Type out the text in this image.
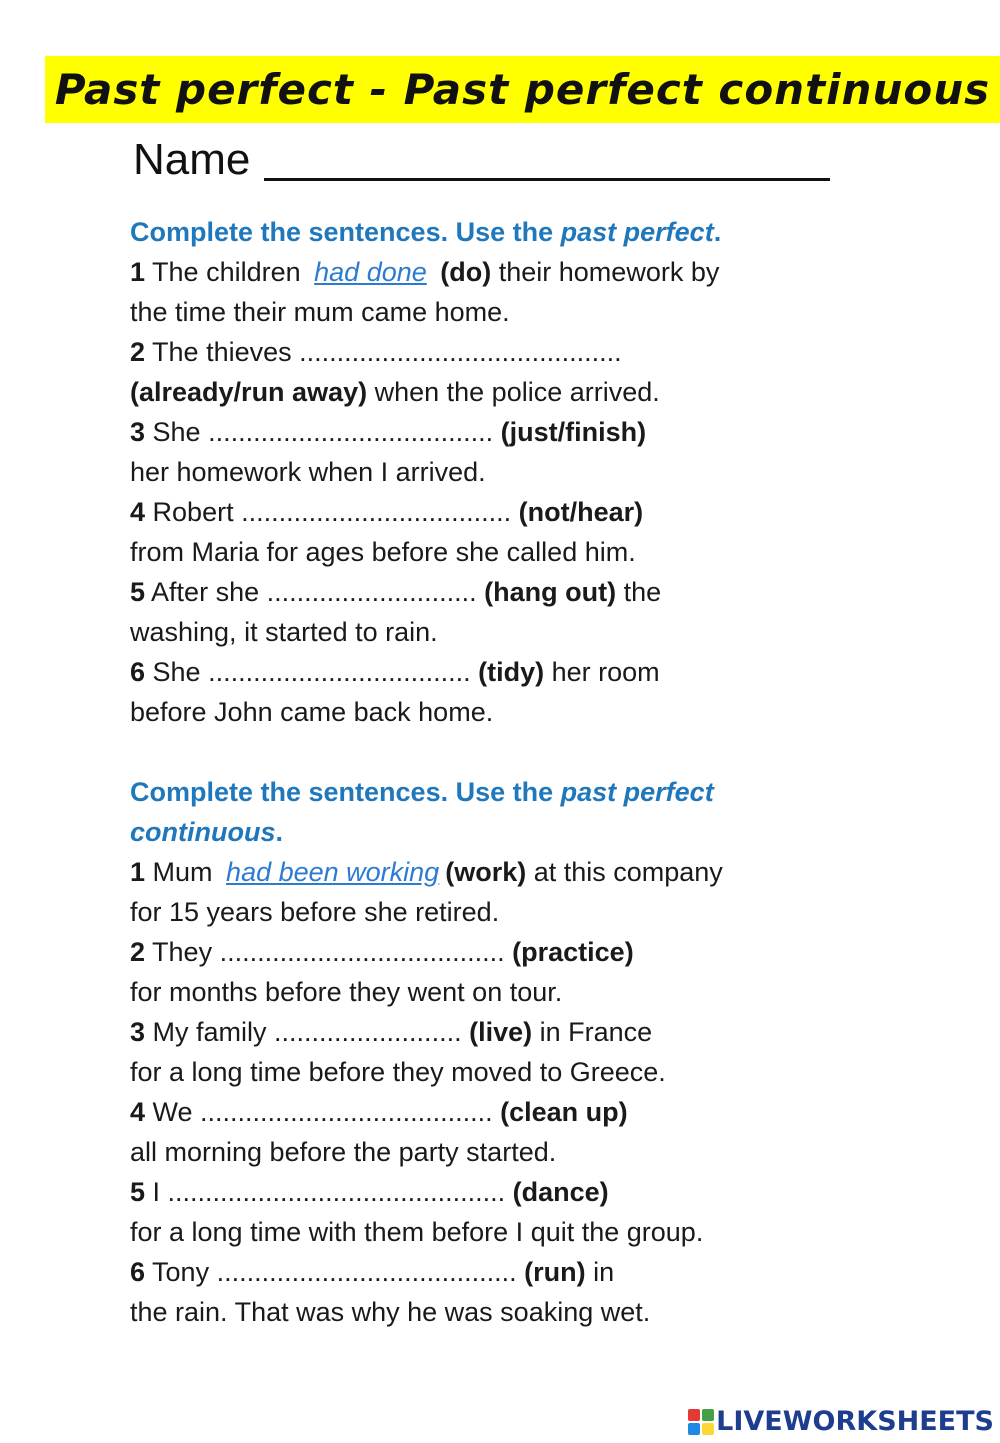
Past perfect - Past perfect continuous
Name
Complete the sentences. Use the past perfect.
1 The children had done (do) their homework by
the time their mum came home.
2 The thieves ...........................................
(already/run away) when the police arrived.
3 She ...................................... (just/finish)
her homework when I arrived.
4 Robert .................................... (not/hear)
from Maria for ages before she called him.
5 After she ............................ (hang out) the
washing, it started to rain.
6 She ................................... (tidy) her room
before John came back home.
Complete the sentences. Use the past perfect
continuous.
1 Mum had been working(work) at this company
for 15 years before she retired.
2 They ...................................... (practice)
for months before they went on tour.
3 My family ......................... (live) in France
for a long time before they moved to Greece.
4 We ....................................... (clean up)
all morning before the party started.
5 I ............................................. (dance)
for a long time with them before I quit the group.
6 Tony ........................................ (run) in
the rain. That was why he was soaking wet.
LIVEWORKSHEETS
